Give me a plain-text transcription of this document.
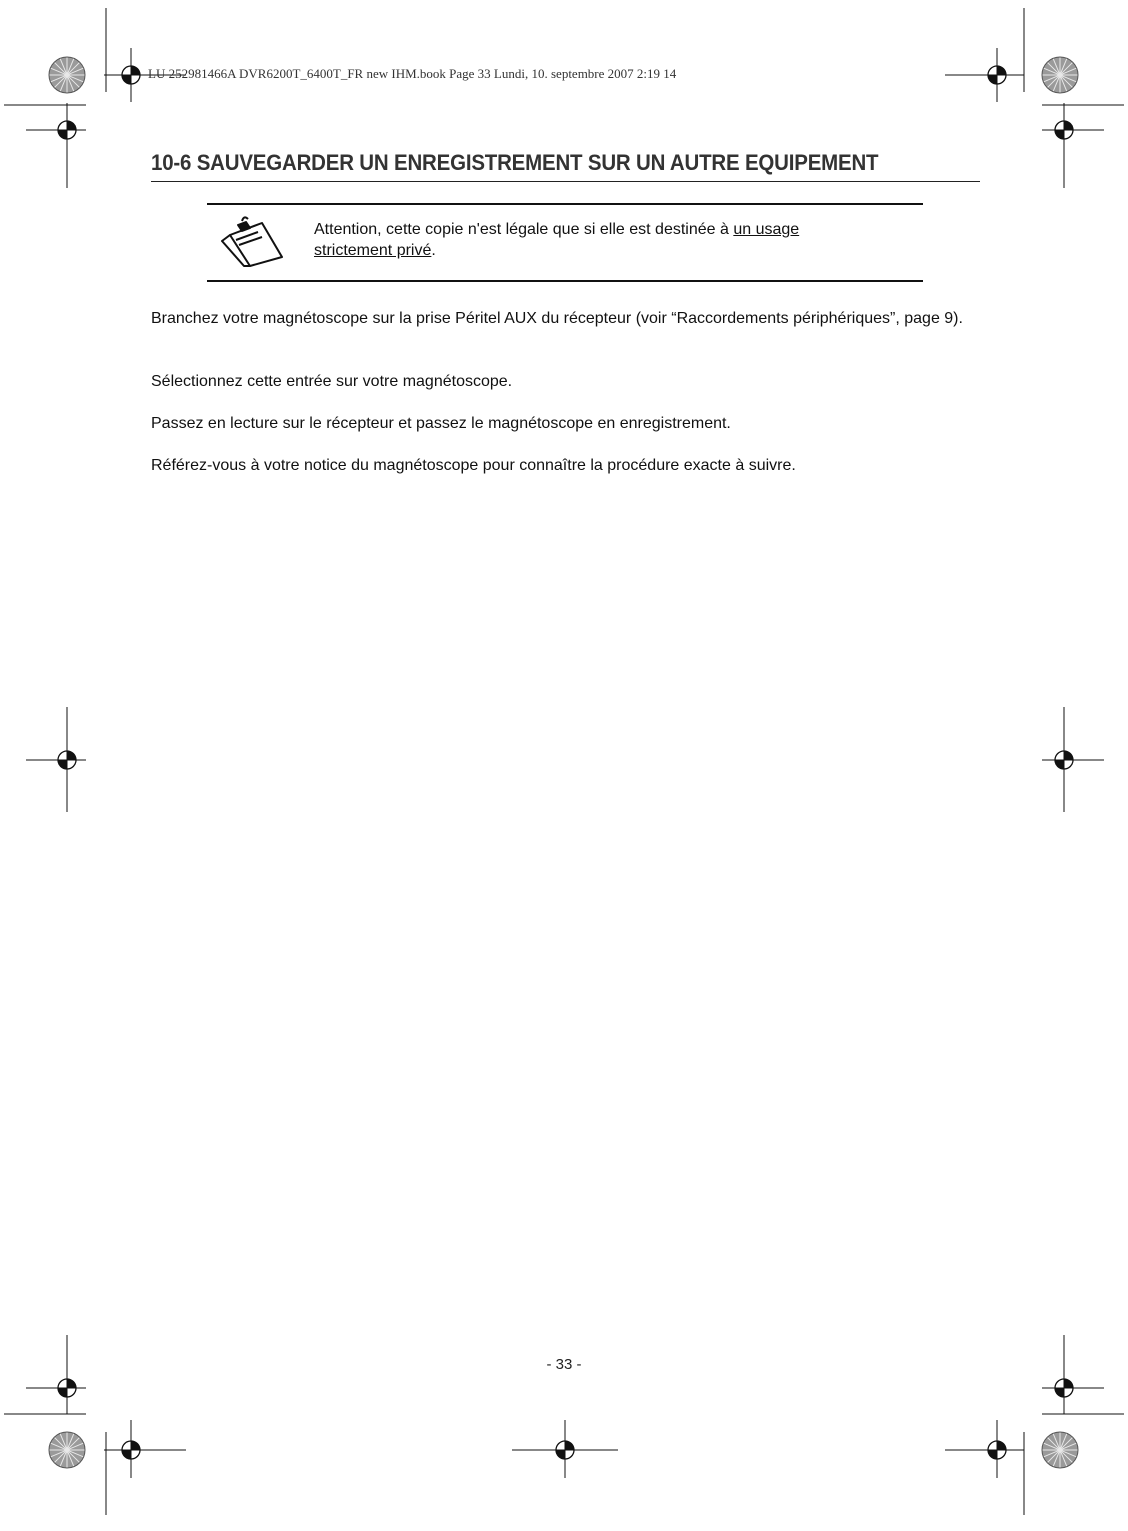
LU 252981466A DVR6200T_6400T_FR new IHM.book Page 33 Lundi, 10. septembre 2007 2:19 14
10-6 SAUVEGARDER UN ENREGISTREMENT SUR UN AUTRE EQUIPEMENT
Attention, cette copie n'est légale que si elle est destinée à un usage
strictement privé.
Branchez votre magnétoscope sur la prise Péritel AUX du récepteur (voir “Raccordements périphériques”, page 9).
Sélectionnez cette entrée sur votre magnétoscope.
Passez en lecture sur le récepteur et passez le magnétoscope en enregistrement.
Référez-vous à votre notice du magnétoscope pour connaître la procédure exacte à suivre.
- 33 -
